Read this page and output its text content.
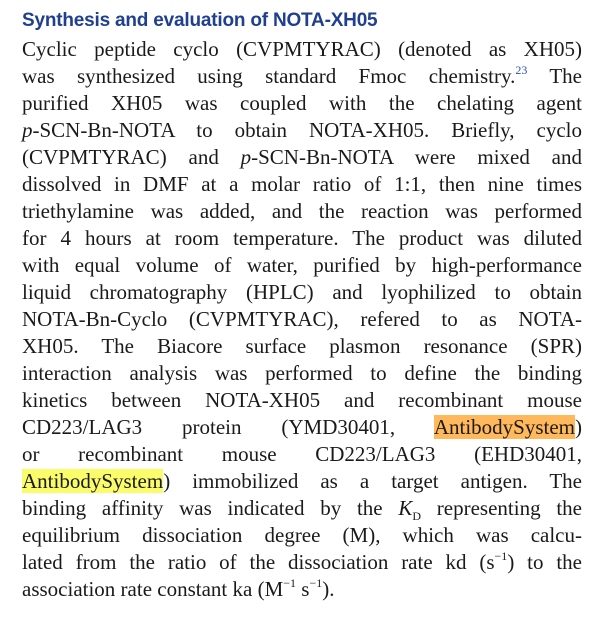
Synthesis and evaluation of NOTA-XH05
Cyclic peptide cyclo (CVPMTYRAC) (denoted as XH05)
was synthesized using standard Fmoc chemistry.$^{23}$ The
purified XH05 was coupled with the chelating agent
p-SCN-Bn-NOTA to obtain NOTA-XH05. Briefly, cyclo
(CVPMTYRAC) and p-SCN-Bn-NOTA were mixed and
dissolved in DMF at a molar ratio of 1:1, then nine times
triethylamine was added, and the reaction was performed
for 4 hours at room temperature. The product was diluted
with equal volume of water, purified by high-performance
liquid chromatography (HPLC) and lyophilized to obtain
NOTA-Bn-Cyclo (CVPMTYRAC), refered to as NOTA-
XH05. The Biacore surface plasmon resonance (SPR)
interaction analysis was performed to define the binding
kinetics between NOTA-XH05 and recombinant mouse
CD223/LAG3 protein (YMD30401, AntibodySystem)
or recombinant mouse CD223/LAG3 (EHD30401,
AntibodySystem) immobilized as a target antigen. The
binding affinity was indicated by the $K_D$ representing the
equilibrium dissociation degree (M), which was calcu-
lated from the ratio of the dissociation rate kd $(s^{-1})$ to the
association rate constant ka ($M^{-1}$ $s^{-1}$).
